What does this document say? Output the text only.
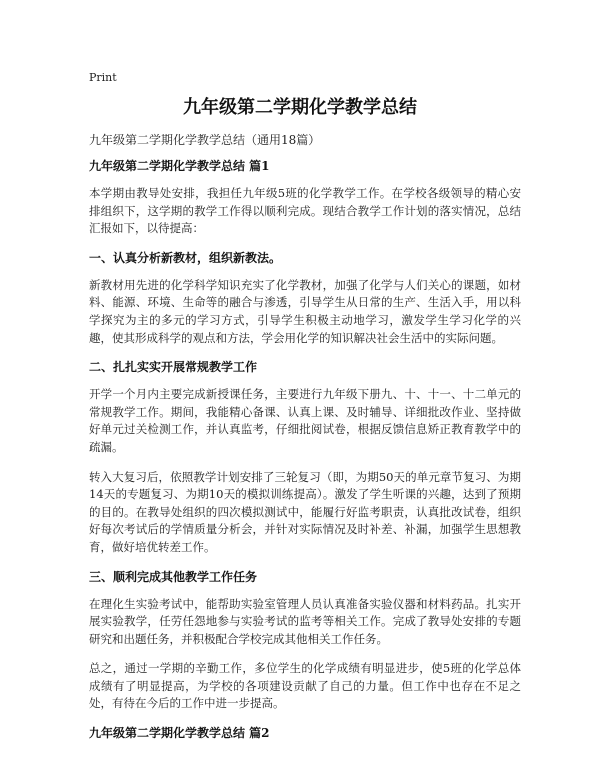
Print
九年级第二学期化学教学总结
九年级第二学期化学教学总结（通用18篇）
九年级第二学期化学教学总结 篇1

本学期由教导处安排，我担任九年级5班的化学教学工作。在学校各级领导的精心安排组织下，这学期的教学工作得以顺利完成。现结合教学工作计划的落实情况，总结汇报如下，以待提高：

一、认真分析新教材，组织新教法。

新教材用先进的化学科学知识充实了化学教材，加强了化学与人们关心的课题，如材料、能源、环境、生命等的融合与渗透，引导学生从日常的生产、生活入手，用以科学探究为主的多元的学习方式，引导学生积极主动地学习，激发学生学习化学的兴趣，使其形成科学的观点和方法，学会用化学的知识解决社会生活中的实际问题。

二、扎扎实实开展常规教学工作

开学一个月内主要完成新授课任务，主要进行九年级下册九、十、十一、十二单元的常规教学工作。期间，我能精心备课、认真上课、及时辅导、详细批改作业、坚持做好单元过关检测工作，并认真监考，仔细批阅试卷，根据反馈信息矫正教育教学中的疏漏。

转入大复习后，依照教学计划安排了三轮复习（即，为期50天的单元章节复习、为期14天的专题复习、为期10天的模拟训练提高）。激发了学生听课的兴趣，达到了预期的目的。在教导处组织的四次模拟测试中，能履行好监考职责，认真批改试卷，组织好每次考试后的学情质量分析会，并针对实际情况及时补差、补漏，加强学生思想教育，做好培优转差工作。

三、顺利完成其他教学工作任务

在理化生实验考试中，能帮助实验室管理人员认真准备实验仪器和材料药品。扎实开展实验教学，任劳任怨地参与实验考试的监考等相关工作。完成了教导处安排的专题研究和出题任务，并积极配合学校完成其他相关工作任务。

总之，通过一学期的辛勤工作，多位学生的化学成绩有明显进步，使5班的化学总体成绩有了明显提高，为学校的各项建设贡献了自己的力量。但工作中也存在不足之处，有待在今后的工作中进一步提高。

九年级第二学期化学教学总结 篇2
